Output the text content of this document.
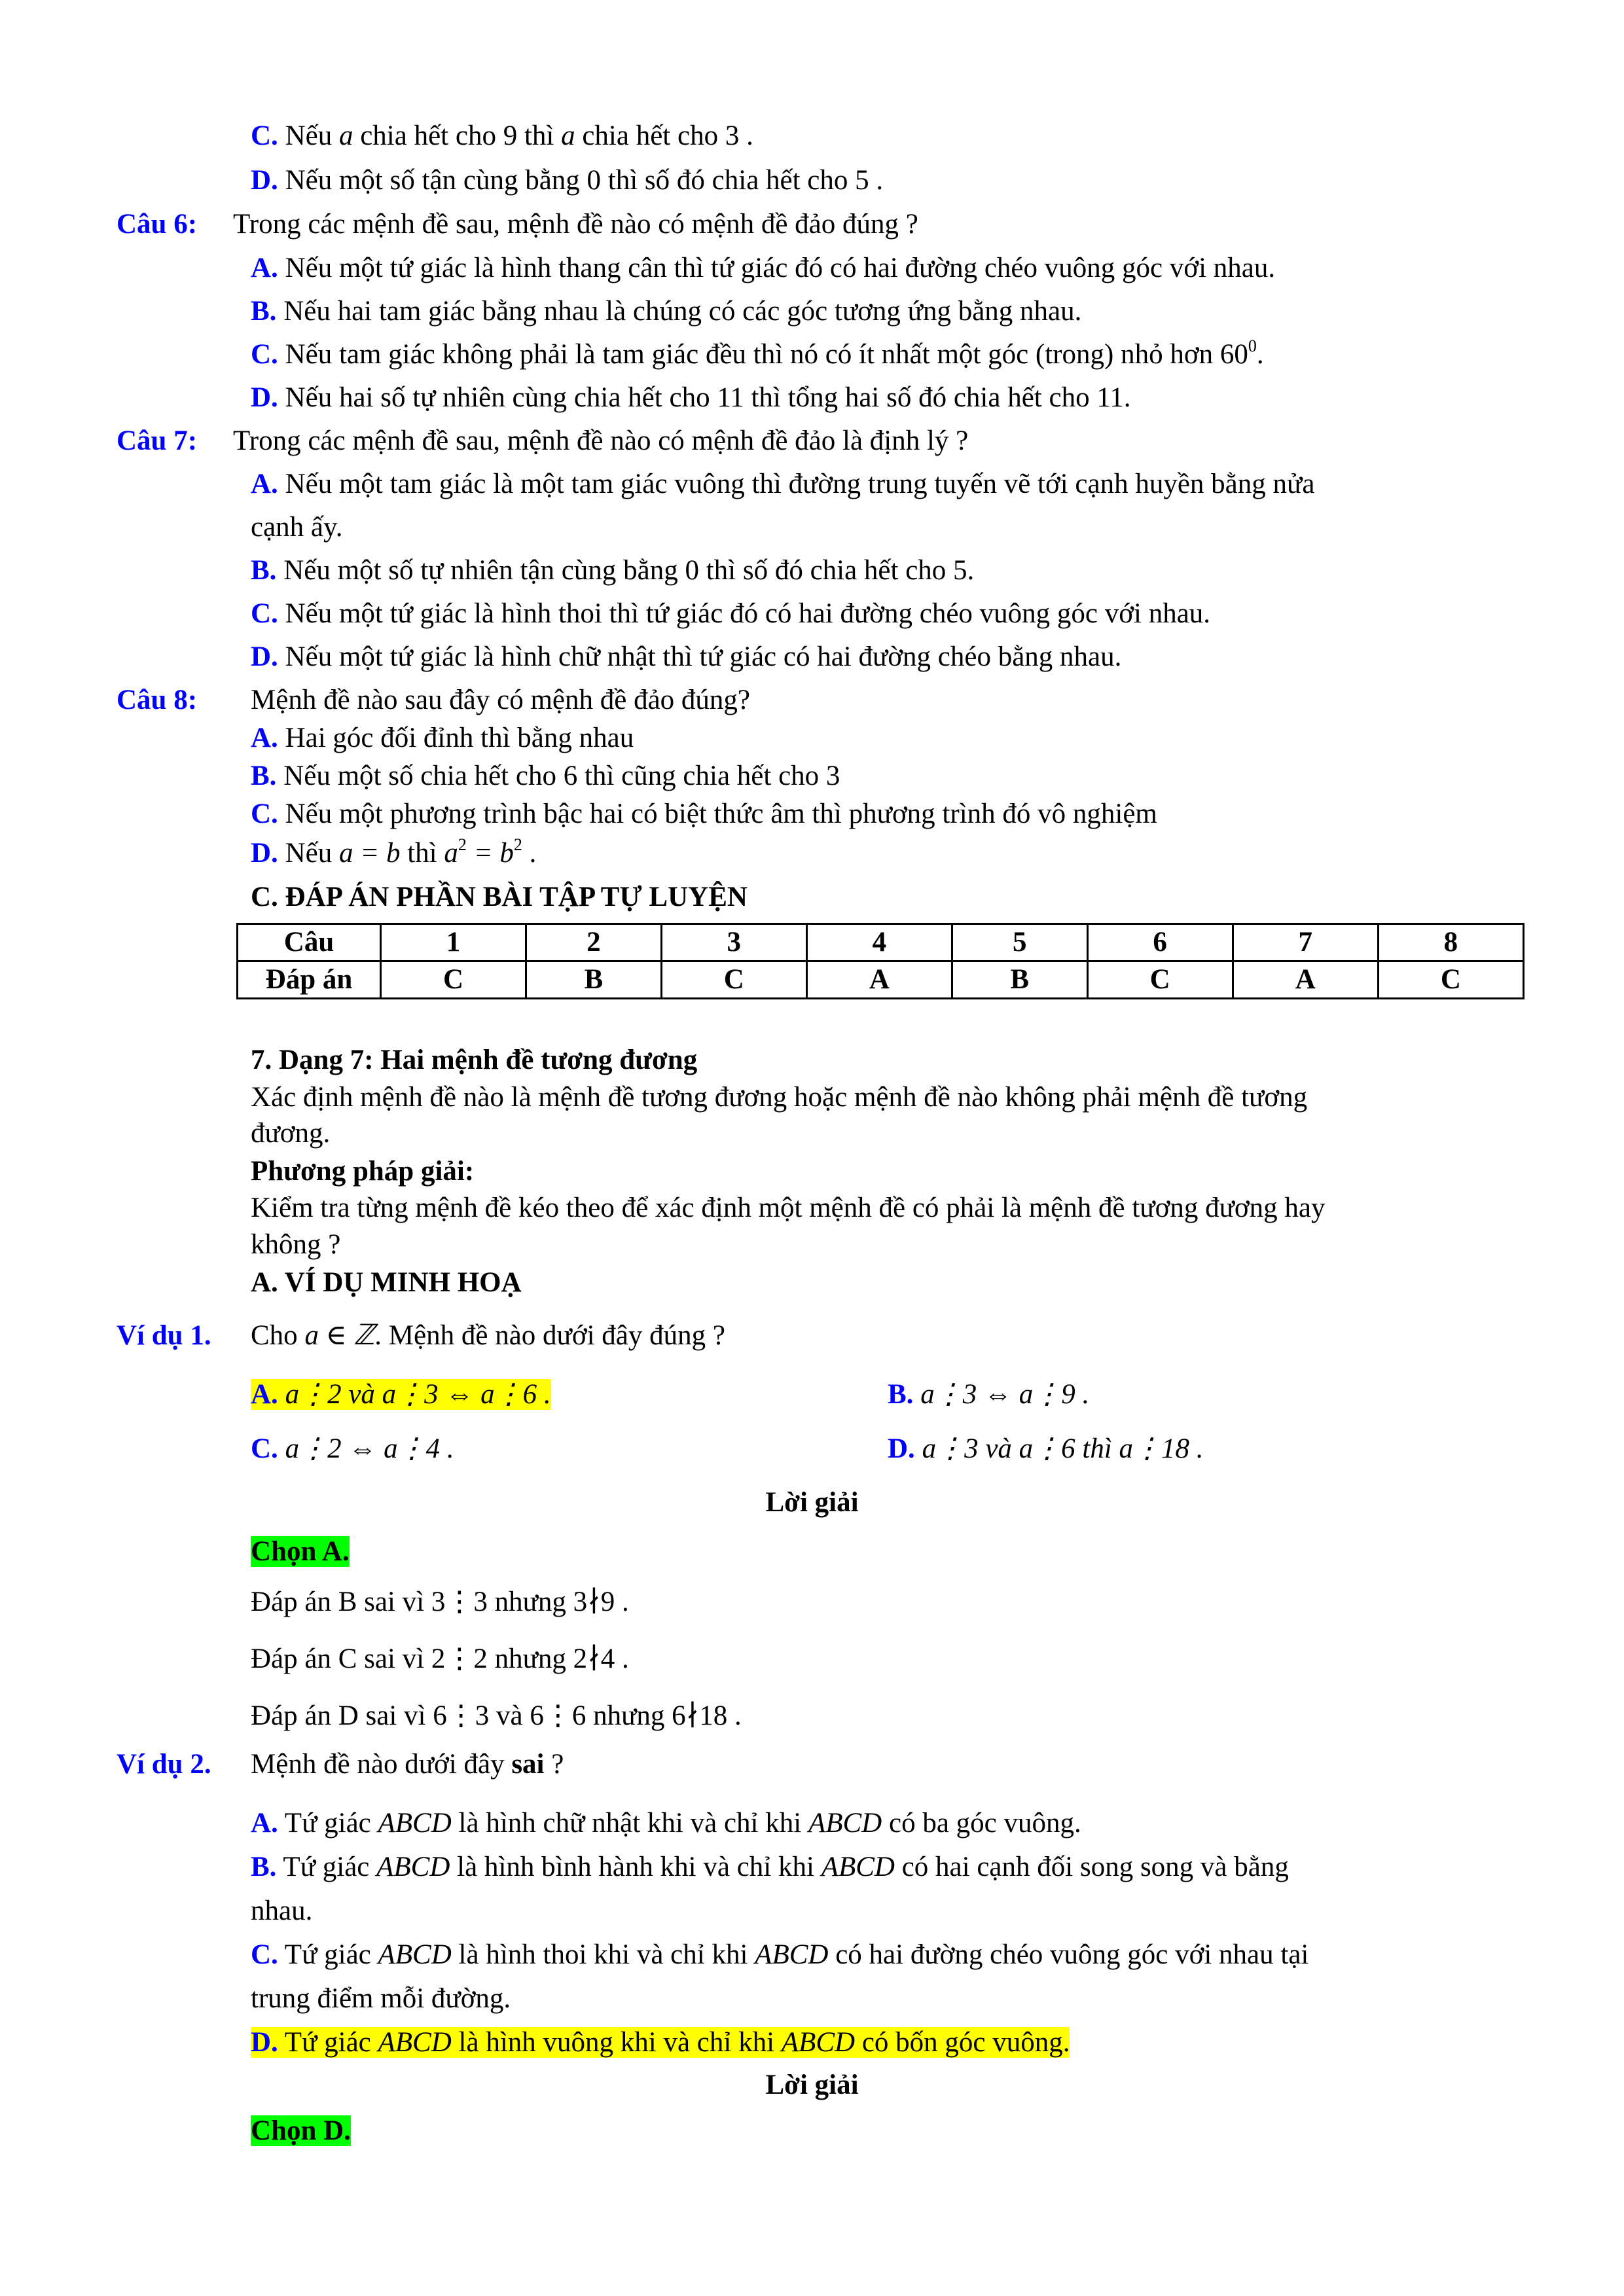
C. Nếu a chia hết cho 9 thì a chia hết cho 3 .
D. Nếu một số tận cùng bằng 0 thì số đó chia hết cho 5 .
Câu 6: Trong các mệnh đề sau, mệnh đề nào có mệnh đề đảo đúng ?
A. Nếu một tứ giác là hình thang cân thì tứ giác đó có hai đường chéo vuông góc với nhau.
B. Nếu hai tam giác bằng nhau là chúng có các góc tương ứng bằng nhau.
C. Nếu tam giác không phải là tam giác đều thì nó có ít nhất một góc (trong) nhỏ hơn $60^0$.
D. Nếu hai số tự nhiên cùng chia hết cho 11 thì tổng hai số đó chia hết cho 11.
Câu 7: Trong các mệnh đề sau, mệnh đề nào có mệnh đề đảo là định lý ?
A. Nếu một tam giác là một tam giác vuông thì đường trung tuyến vẽ tới cạnh huyền bằng nửa
cạnh ấy.
B. Nếu một số tự nhiên tận cùng bằng 0 thì số đó chia hết cho 5.
C. Nếu một tứ giác là hình thoi thì tứ giác đó có hai đường chéo vuông góc với nhau.
D. Nếu một tứ giác là hình chữ nhật thì tứ giác có hai đường chéo bằng nhau.
Câu 8: Mệnh đề nào sau đây có mệnh đề đảo đúng?
A. Hai góc đối đỉnh thì bằng nhau
B. Nếu một số chia hết cho 6 thì cũng chia hết cho 3
C. Nếu một phương trình bậc hai có biệt thức âm thì phương trình đó vô nghiệm
D. Nếu a = b thì $a^2 = b^2$ .
C. ĐÁP ÁN PHẦN BÀI TẬP TỰ LUYỆN
Câu	1	2	3	4	5	6	7	8
Đáp án	C	B	C	A	B	C	A	C
7. Dạng 7: Hai mệnh đề tương đương
Xác định mệnh đề nào là mệnh đề tương đương hoặc mệnh đề nào không phải mệnh đề tương
đương.
Phương pháp giải:
Kiểm tra từng mệnh đề kéo theo để xác định một mệnh đề có phải là mệnh đề tương đương hay
không ?
A. VÍ DỤ MINH HOẠ
Ví dụ 1. Cho a ∈ ℤ. Mệnh đề nào dưới đây đúng ?
A. a⋮2 và a⋮3 ⇔ a⋮6 .	B. a⋮3 ⇔ a⋮9 .
C. a⋮2 ⇔ a⋮4 .	D. a⋮3 và a⋮6 thì a⋮18 .
Lời giải
Chọn A.
Đáp án B sai vì 3⋮3 nhưng 3∤9 .
Đáp án C sai vì 2⋮2 nhưng 2∤4 .
Đáp án D sai vì 6⋮3 và 6⋮6 nhưng 6∤18 .
Ví dụ 2. Mệnh đề nào dưới đây sai ?
A. Tứ giác ABCD là hình chữ nhật khi và chỉ khi ABCD có ba góc vuông.
B. Tứ giác ABCD là hình bình hành khi và chỉ khi ABCD có hai cạnh đối song song và bằng
nhau.
C. Tứ giác ABCD là hình thoi khi và chỉ khi ABCD có hai đường chéo vuông góc với nhau tại
trung điểm mỗi đường.
D. Tứ giác ABCD là hình vuông khi và chỉ khi ABCD có bốn góc vuông.
Lời giải
Chọn D.
